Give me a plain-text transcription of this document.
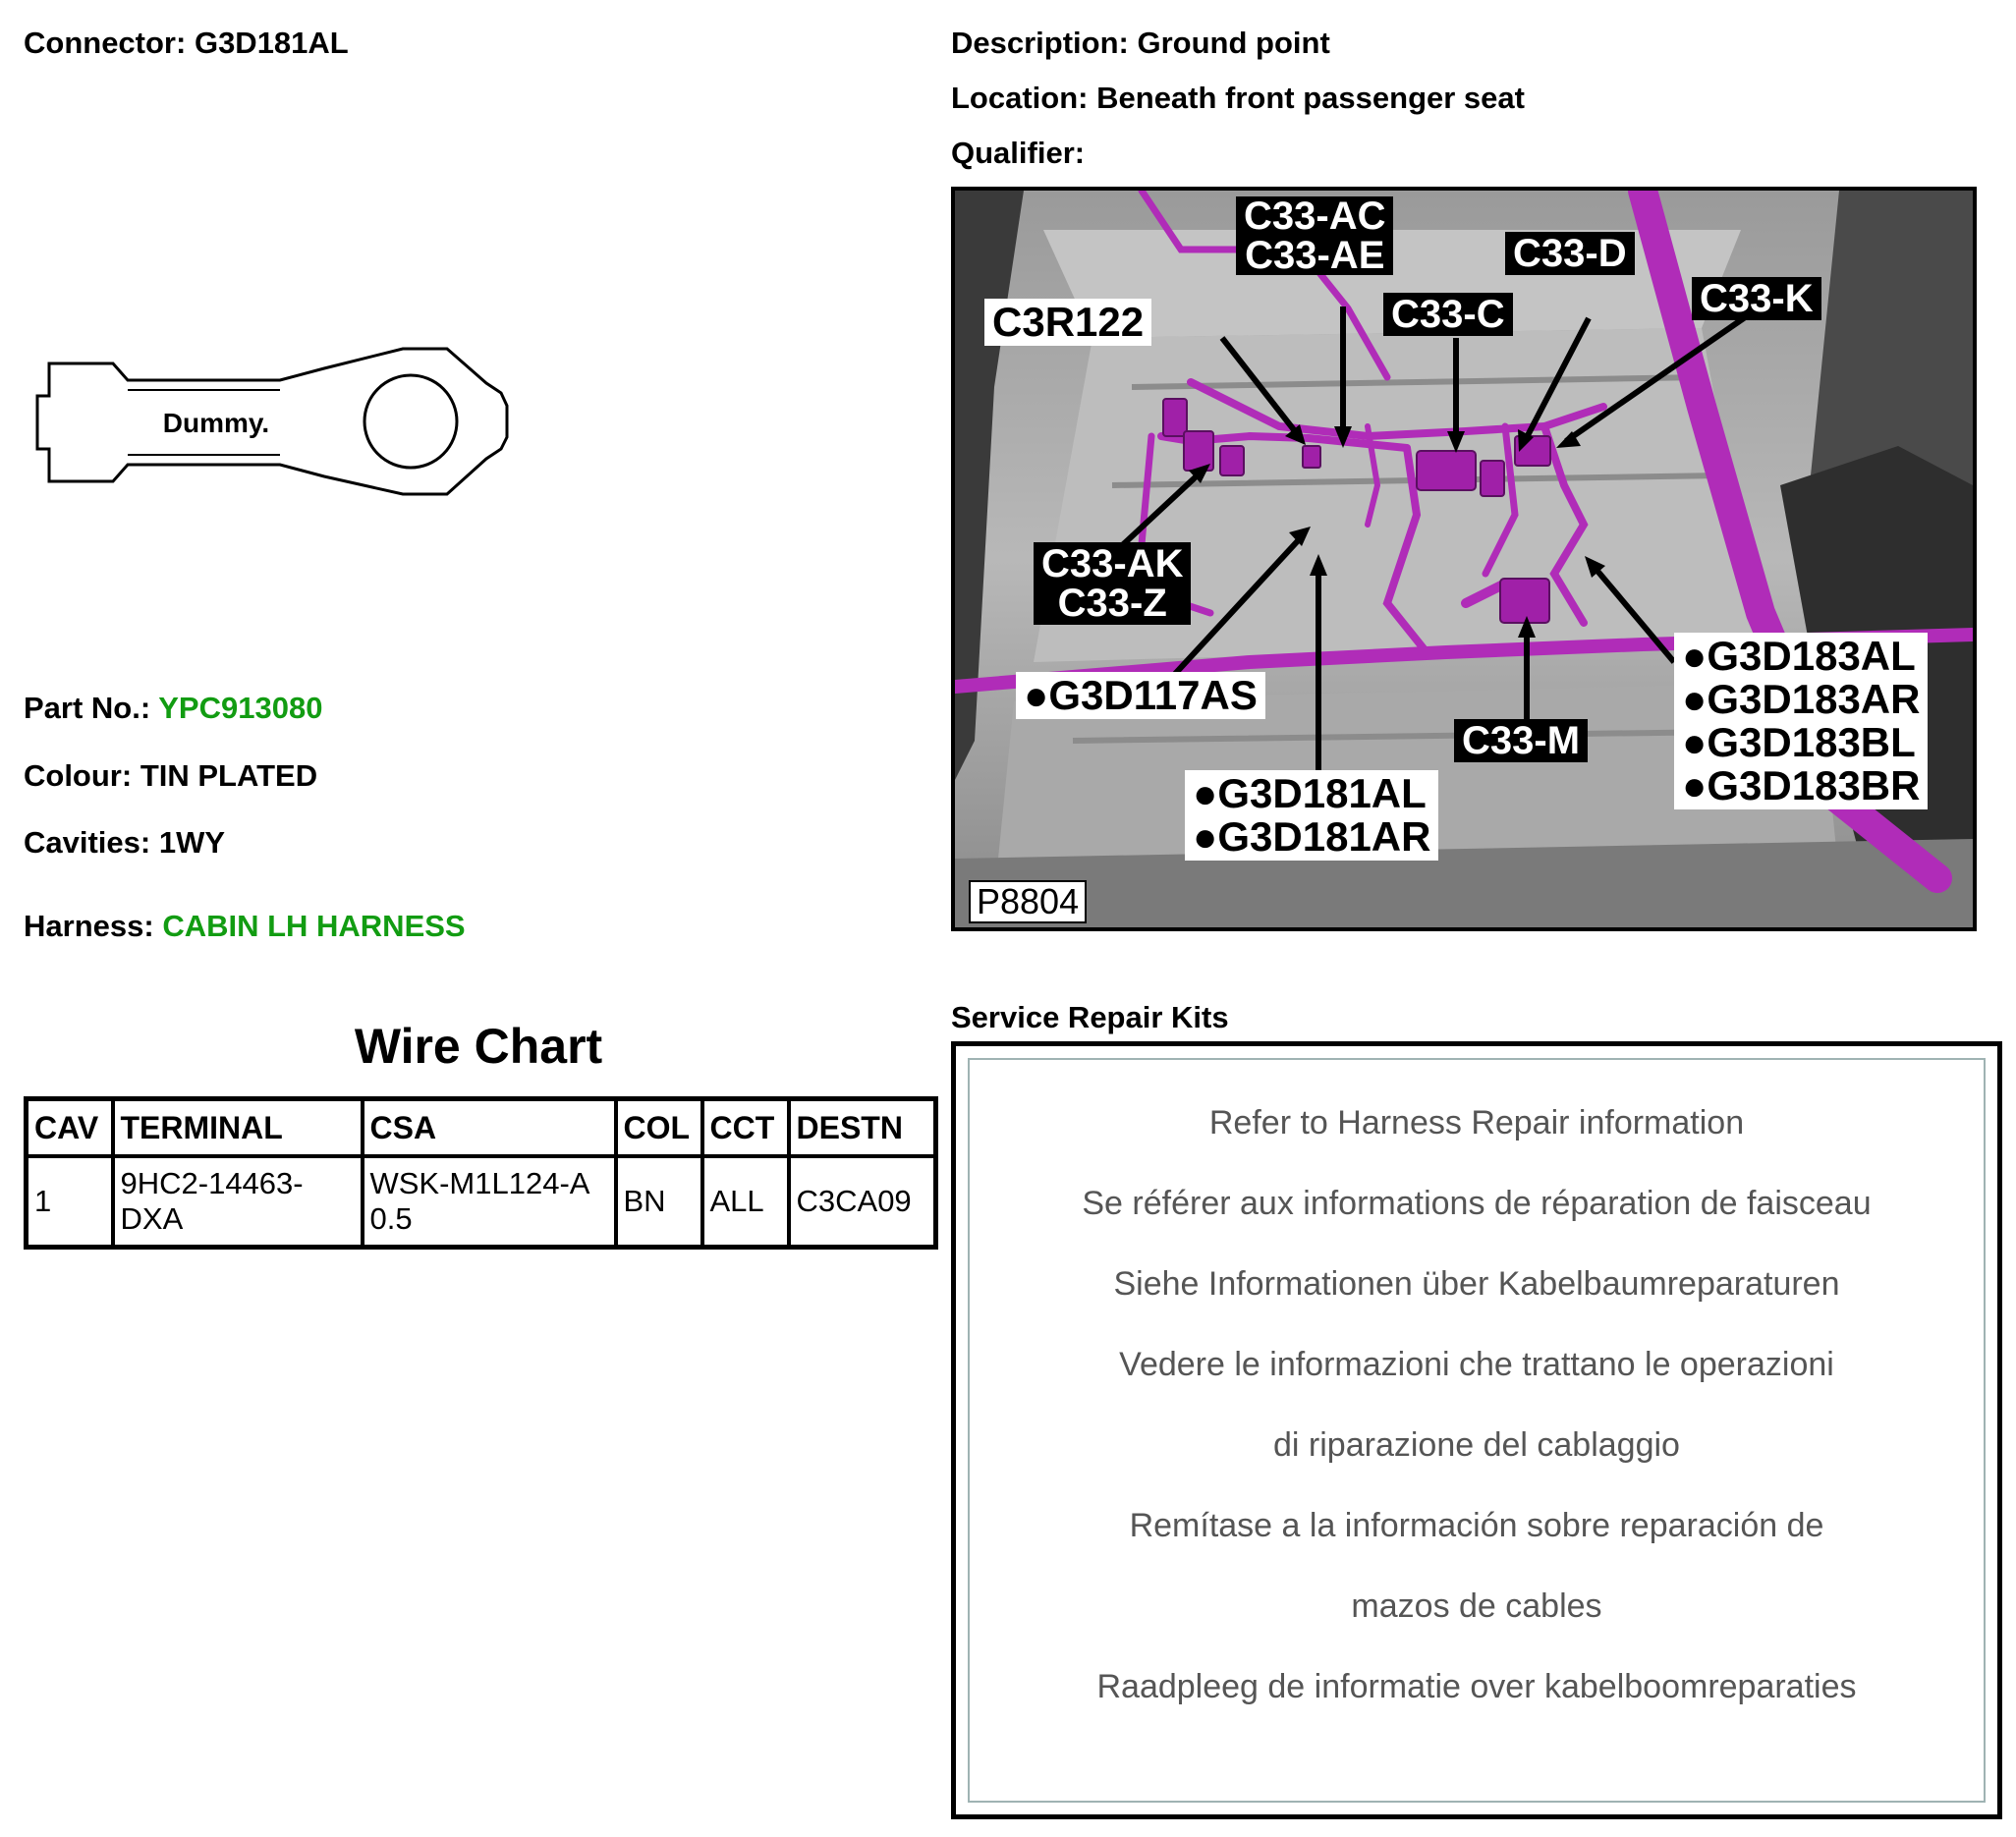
Connector: G3D181AL
Dummy.
Part No.: YPC913080
Colour: TIN PLATED
Cavities: 1WY
Harness: CABIN LH HARNESS
Wire Chart
CAV	TERMINAL	CSA	COL	CCT	DESTN
1	9HC2-14463-DXA	WSK-M1L124-A 0.5	BN	ALL	C3CA09
Description: Ground point
Location: Beneath front passenger seat
Qualifier:
C33-AC
C33-AE	C33-D
C3R122	C33-C	C33-K
C33-AK
C33-Z
●G3D117AS
●G3D183AL
●G3D183AR
●G3D183BL
●G3D183BR
C33-M
●G3D181AL
●G3D181AR
P8804
Service Repair Kits
Refer to Harness Repair information
Se référer aux informations de réparation de faisceau
Siehe Informationen über Kabelbaumreparaturen
Vedere le informazioni che trattano le operazioni
di riparazione del cablaggio
Remítase a la información sobre reparación de
mazos de cables
Raadpleeg de informatie over kabelboomreparaties
